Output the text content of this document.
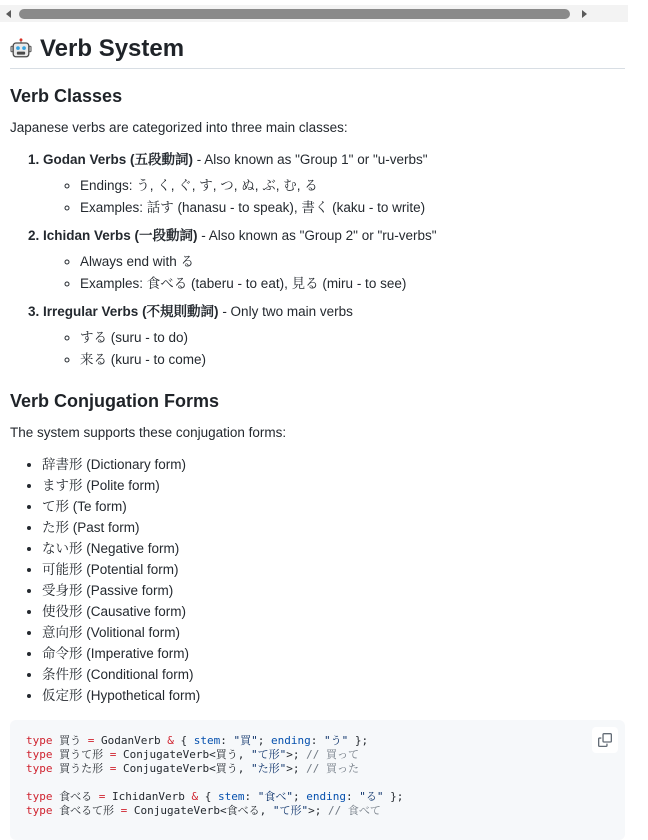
Verb System
Verb Classes

Japanese verbs are categorized into three main classes:

1. Godan Verbs (五段動詞) - Also known as "Group 1" or "u-verbs"
◦ Endings: う, く, ぐ, す, つ, ぬ, ぶ, む, る
◦ Examples: 話す (hanasu - to speak), 書く (kaku - to write)
2. Ichidan Verbs (一段動詞) - Also known as "Group 2" or "ru-verbs"
◦ Always end with る
◦ Examples: 食べる (taberu - to eat), 見る (miru - to see)
3. Irregular Verbs (不規則動詞) - Only two main verbs
◦ する (suru - to do)
◦ 来る (kuru - to come)
Verb Conjugation Forms

The system supports these conjugation forms:

• 辞書形 (Dictionary form)
• ます形 (Polite form)
• て形 (Te form)
• た形 (Past form)
• ない形 (Negative form)
• 可能形 (Potential form)
• 受身形 (Passive form)
• 使役形 (Causative form)
• 意向形 (Volitional form)
• 命令形 (Imperative form)
• 条件形 (Conditional form)
• 仮定形 (Hypothetical form)
type 買う = GodanVerb & { stem: "買"; ending: "う" };
type 買うて形 = ConjugateVerb<買う, "て形">; // 買って
type 買うた形 = ConjugateVerb<買う, "た形">; // 買った
type 食べる = IchidanVerb & { stem: "食べ"; ending: "る" };
type 食べるて形 = ConjugateVerb<食べる, "て形">; // 食べて
